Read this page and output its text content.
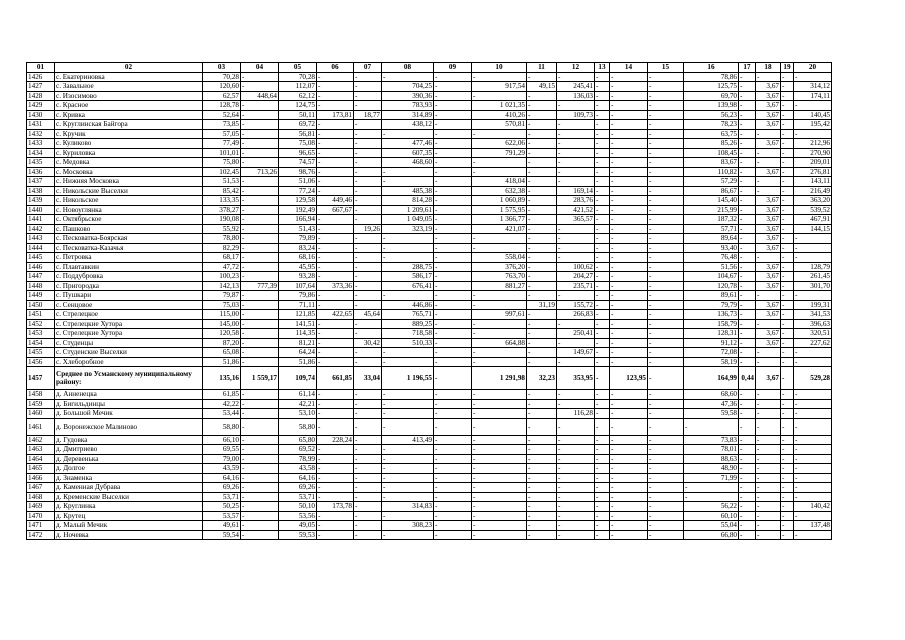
01	02	03	04	05	06	07	08	09	10	11	12	13	14	15	16	17	18	19	20
1426	с. Екатериновка	70,28	-	70,28	-	-	-	-	-	-	-	-	-	-	78,86	-	-	-	-
1427	с. Завальное	120,60	-	112,07	-	-	704,25	-	917,54	49,15	245,41	-	-	-	125,75	-	3,67	-	314,12
1428	с. Изосимово	62,57	448,64	62,12	-	-	390,36	-	-	-	136,03	-	-	-	69,70	-	3,67	-	174,11
1429	с. Красное	128,78	-	124,75	-	-	783,93	-	1 021,35	-	-	-	-	-	139,98	-	3,67	-	-
1430	с. Кривка	52,64	-	50,11	173,81	18,77	314,89	-	410,26	-	109,73	-	-	-	56,23	-	3,67	-	140,45
1431	с. Круглинская Байгора	73,85	-	69,72	-	-	438,12	-	570,81	-	-	-	-	-	78,23	-	3,67	-	195,42
1432	с. Кручик	57,05	-	56,81	-	-	-	-	-	-	-	-	-	-	63,75	-	-	-	-
1433	с. Куликово	77,49	-	75,08	-	-	477,46	-	622,06	-	-	-	-	-	85,26	-	3,67	-	212,96
1434	с. Куриловка	101,01	-	96,65	-	-	607,35	-	791,29	-	-	-	-	-	108,45	-	-	-	270,90
1435	с. Медовка	75,80	-	74,57	-	-	468,60	-	-	-	-	-	-	-	83,67	-	-	-	209,01
1436	с. Московка	102,45	713,26	98,76	-	-	-	-	-	-	-	-	-	-	110,82	-	3,67	-	276,81
1437	с. Нижняя Московка	51,53	-	51,06	-	-	-	-	418,04	-	-	-	-	-	57,29	-	-	-	143,11
1438	с. Никольские Выселки	85,42	-	77,24	-	-	485,38	-	632,38	-	169,14	-	-	-	86,67	-	-	-	216,49
1439	с. Никольское	133,35	-	129,58	449,46	-	814,28	-	1 060,89	-	283,76	-	-	-	145,40	-	3,67	-	363,20
1440	с. Новоуглянка	378,27	-	192,49	667,67	-	1 209,61	-	1 575,95	-	421,52	-	-	-	215,99	-	3,67	-	539,52
1441	с. Октябрьское	190,08	-	166,94	-	-	1 049,05	-	1 366,77	-	365,57	-	-	-	187,32	-	3,67	-	467,91
1442	с. Пашково	55,92	-	51,43	-	19,26	323,19	-	421,07	-	-	-	-	-	57,71	-	3,67	-	144,15
1443	с. Песковатка-Боярская	78,80	-	79,89	-	-	-	-	-	-	-	-	-	-	89,64	-	3,67	-	-
1444	с. Песковатка-Казачья	82,29	-	83,24	-	-	-	-	-	-	-	-	-	-	93,40	-	3,67	-	-
1445	с. Петровка	68,17	-	68,16	-	-	-	-	558,04	-	-	-	-	-	76,48	-	-	-	-
1446	с. Плавтавкин	47,72	-	45,95	-	-	288,75	-	376,20	-	100,62	-	-	-	51,56	-	3,67	-	128,79
1447	с. Поддубровка	100,23	-	93,28	-	-	586,17	-	763,70	-	204,27	-	-	-	104,67	-	3,67	-	261,45
1448	с. Пригородка	142,13	777,39	107,64	373,36	-	676,41	-	881,27	-	235,71	-	-	-	120,78	-	3,67	-	301,70
1449	с. Пушкари	79,87	-	79,86	-	-	-	-	-	-	-	-	-	-	89,61	-	-	-	-
1450	с. Сенцовое	75,03	-	71,11	-	-	446,86	-	-	31,19	155,72	-	-	-	79,79	-	3,67	-	199,31
1451	с. Стрелецкое	115,00	-	121,85	422,65	45,64	765,71	-	997,61	-	266,83	-	-	-	136,73	-	3,67	-	341,53
1452	с. Стрелецкие Хутора	145,00	-	141,51	-	-	889,25	-	-	-	-	-	-	-	158,79	-	-	-	396,63
1453	с. Стрелецкие Хутора	120,58	-	114,35	-	-	718,58	-	-	-	250,41	-	-	-	128,31	-	3,67	-	320,51
1454	с. Студенцы	87,20	-	81,21	-	30,42	510,33	-	664,88	-	-	-	-	-	91,12	-	3,67	-	227,62
1455	с. Студенские Выселки	65,08	-	64,24	-	-	-	-	-	-	149,67	-	-	-	72,08	-	-	-	-
1456	с. Хлеборобное	51,86	-	51,86	-	-	-	-	-	-	-	-	-	-	58,19	-	-	-	-
1457	Среднее по Усманскому муниципальному району:	135,16	1 559,17	109,74	661,85	33,04	1 196,55	-	1 291,98	32,23	353,95	-	123,95	-	164,99	0,44	3,67	-	529,28
1458	д. Анненецка	61,85	-	61,14	-	-	-	-	-	-	-	-	-	-	68,60	-	-	-	-
1459	д. Бигильдинцы	42,22	-	42,21	-	-	-	-	-	-	-	-	-	-	47,36	-	-	-	-
1460	д. Большой Мечик	53,44	-	53,10	-	-	-	-	-	-	116,28	-	-	-	59,58	-	-	-	-
1461	д. Воронежское Малиново	58,80	-	58,80	-	-	-	-	-	-	-	-	-	-	-	-	-	-	-
1462	д. Гудовка	66,10	-	65,80	228,24	-	413,49	-	-	-	-	-	-	-	73,83	-	-	-	-
1463	д. Дмитриево	69,55	-	69,52	-	-	-	-	-	-	-	-	-	-	78,01	-	-	-	-
1464	д. Деревенька	79,00	-	78,99	-	-	-	-	-	-	-	-	-	-	88,63	-	-	-	-
1465	д. Долгое	43,59	-	43,58	-	-	-	-	-	-	-	-	-	-	48,90	-	-	-	-
1466	д. Знаменка	64,16	-	64,16	-	-	-	-	-	-	-	-	-	-	71,99	-	-	-	-
1467	д. Каменная Дубрава	69,26	-	69,26	-	-	-	-	-	-	-	-	-	-	-	-	-	-	-
1468	д. Кременские Выселки	53,71	-	53,71	-	-	-	-	-	-	-	-	-	-	-	-	-	-	-
1469	д. Круглинка	50,25	-	50,10	173,78	-	314,83	-	-	-	-	-	-	-	56,22	-	-	-	140,42
1470	д. Крутец	53,57	-	53,56	-	-	-	-	-	-	-	-	-	-	60,10	-	-	-	-
1471	д. Малый Мечик	49,61	-	49,05	-	-	308,23	-	-	-	-	-	-	-	55,04	-	-	-	137,48
1472	д. Ночевка	59,54	-	59,53	-	-	-	-	-	-	-	-	-	-	66,80	-	-	-	-
